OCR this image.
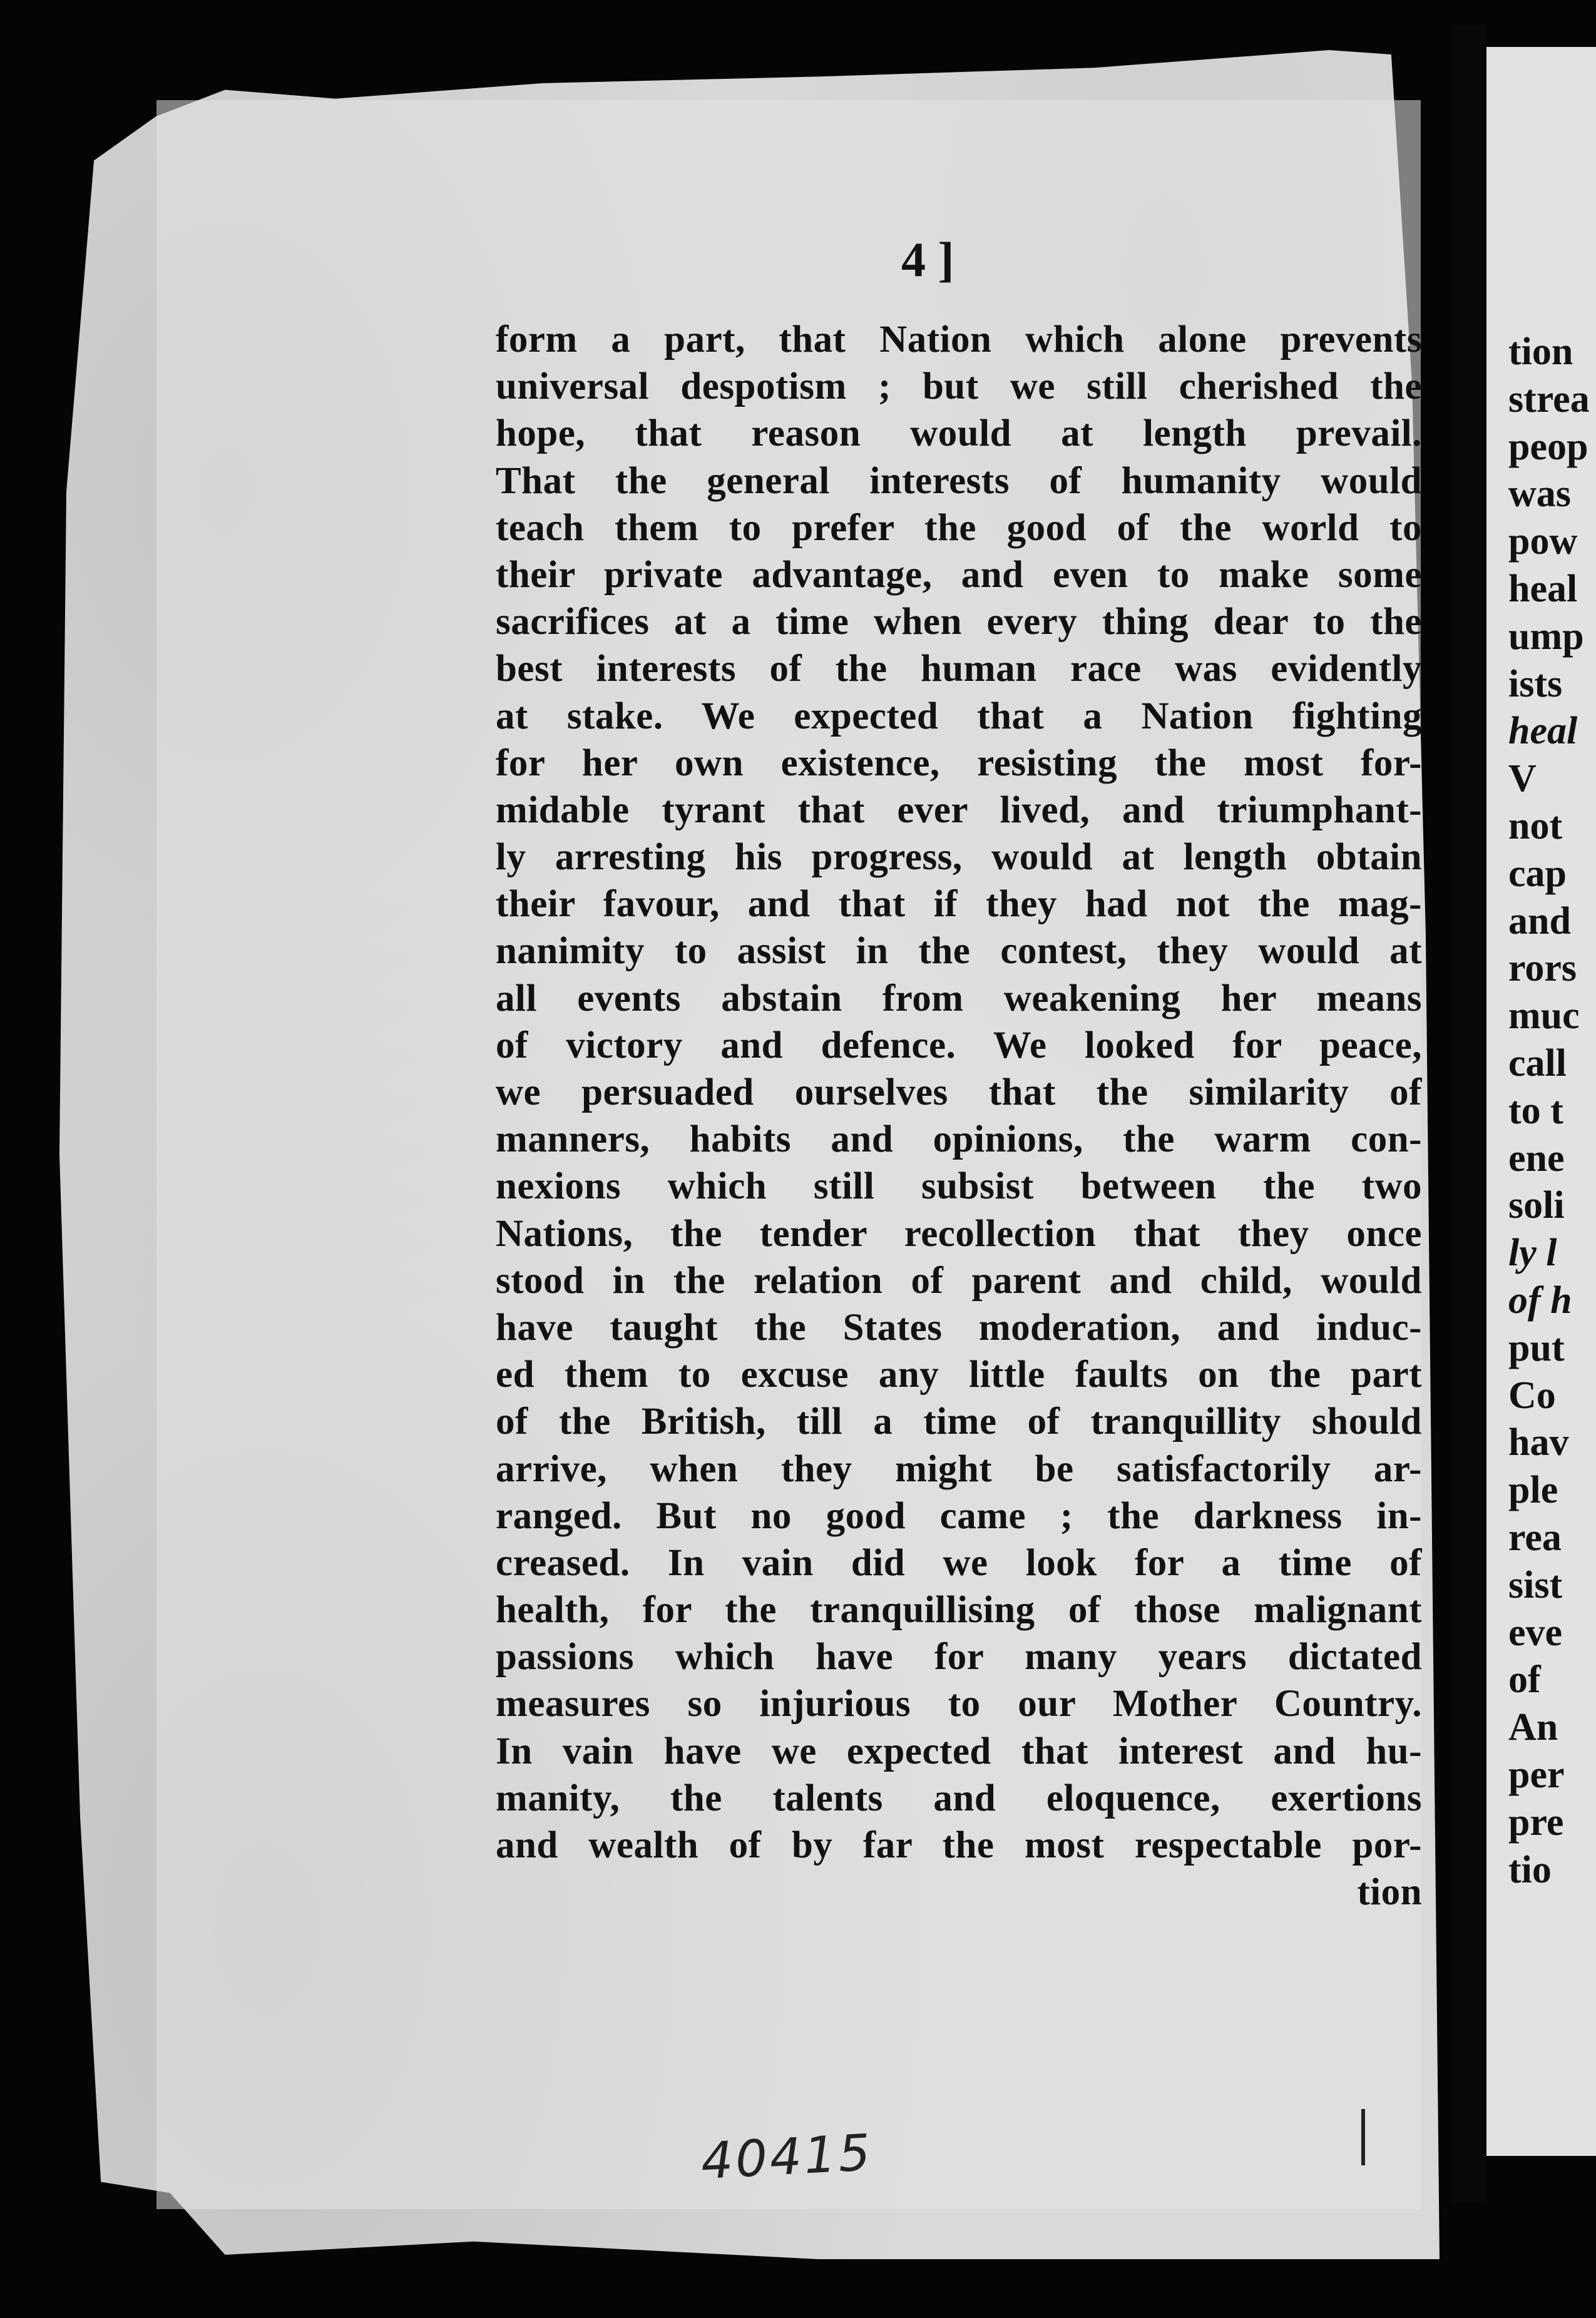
tion
strea
peop
was
pow
heal
ump
ists
heal
V
not
cap
and
rors
muc
call
to t
ene
soli
ly l
of h
put
Co
hav
ple
rea
sist
eve
of
An
per
pre
tio
4 ]
form a part, that Nation which alone prevents
universal despotism ; but we still cherished the
hope, that reason would at length prevail.
That the general interests of humanity would
teach them to prefer the good of the world to
their private advantage, and even to make some
sacrifices at a time when every thing dear to the
best interests of the human race was evidently
at stake. We expected that a Nation fighting
for her own existence, resisting the most for-
midable tyrant that ever lived, and triumphant-
ly arresting his progress, would at length obtain
their favour, and that if they had not the mag-
nanimity to assist in the contest, they would at
all events abstain from weakening her means
of victory and defence. We looked for peace,
we persuaded ourselves that the similarity of
manners, habits and opinions, the warm con-
nexions which still subsist between the two
Nations, the tender recollection that they once
stood in the relation of parent and child, would
have taught the States moderation, and induc-
ed them to excuse any little faults on the part
of the British, till a time of tranquillity should
arrive, when they might be satisfactorily ar-
ranged. But no good came ; the darkness in-
creased. In vain did we look for a time of
health, for the tranquillising of those malignant
passions which have for many years dictated
measures so injurious to our Mother Country.
In vain have we expected that interest and hu-
manity, the talents and eloquence, exertions
and wealth of by far the most respectable por-
tion
40415
